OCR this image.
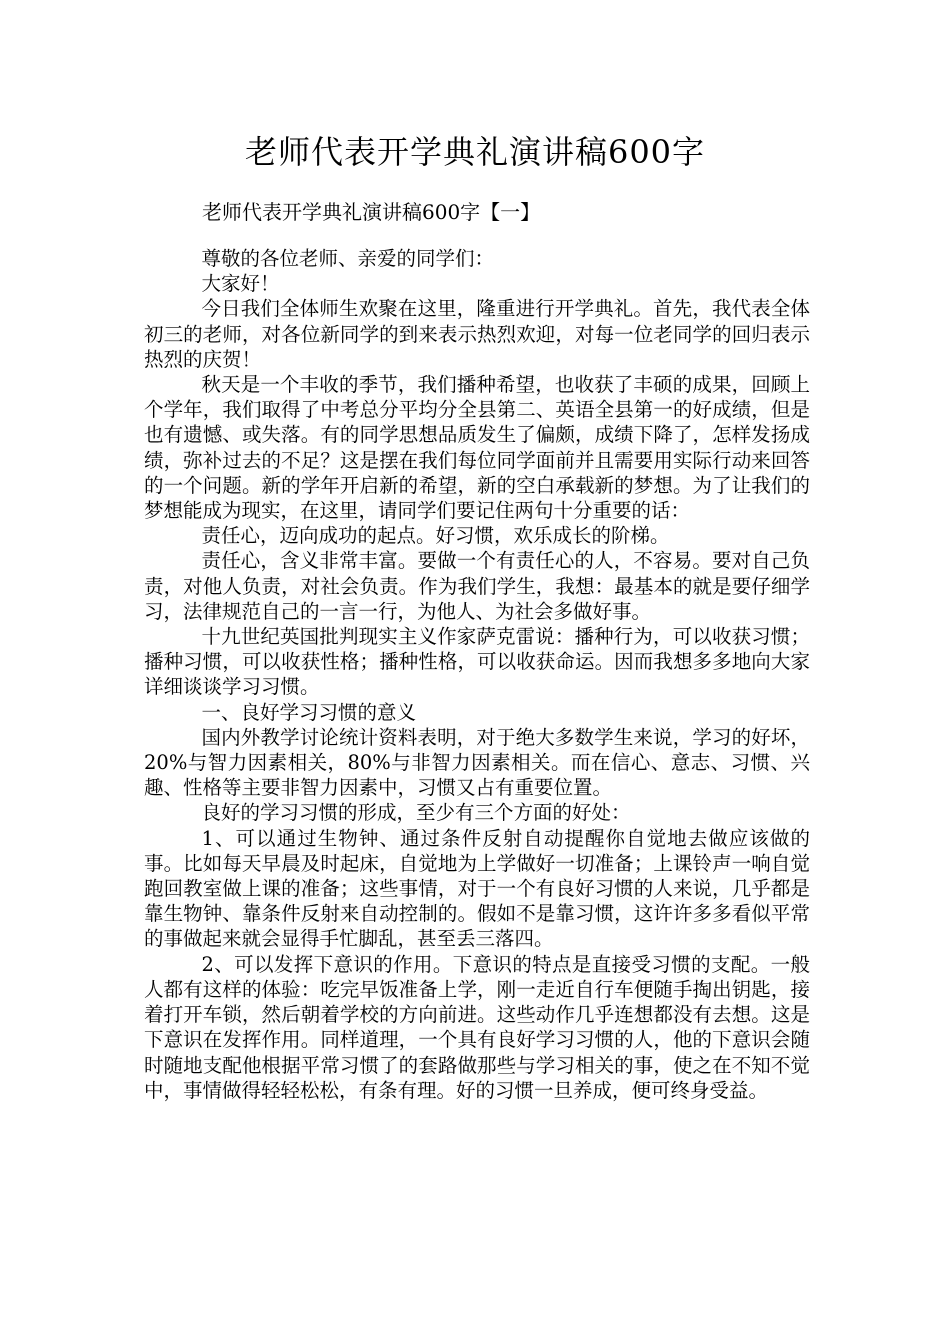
老师代表开学典礼演讲稿600字
老师代表开学典礼演讲稿600字【一】

尊敬的各位老师、亲爱的同学们：

大家好！

今日我们全体师生欢聚在这里，隆重进行开学典礼。首先，我代表全体初三的老师，对各位新同学的到来表示热烈欢迎，对每一位老同学的回归表示热烈的庆贺！

秋天是一个丰收的季节，我们播种希望，也收获了丰硕的成果，回顾上个学年，我们取得了中考总分平均分全县第二、英语全县第一的好成绩，但是也有遗憾、或失落。有的同学思想品质发生了偏颇，成绩下降了，怎样发扬成绩，弥补过去的不足？这是摆在我们每位同学面前并且需要用实际行动来回答的一个问题。新的学年开启新的希望，新的空白承载新的梦想。为了让我们的梦想能成为现实，在这里，请同学们要记住两句十分重要的话：

责任心，迈向成功的起点。好习惯，欢乐成长的阶梯。

责任心，含义非常丰富。要做一个有责任心的人，不容易。要对自己负责，对他人负责，对社会负责。作为我们学生，我想：最基本的就是要仔细学习，法律规范自己的一言一行，为他人、为社会多做好事。

十九世纪英国批判现实主义作家萨克雷说：播种行为，可以收获习惯；播种习惯，可以收获性格；播种性格，可以收获命运。因而我想多多地向大家详细谈谈学习习惯。

一、良好学习习惯的意义

国内外教学讨论统计资料表明，对于绝大多数学生来说，学习的好坏，20%与智力因素相关，80%与非智力因素相关。而在信心、意志、习惯、兴趣、性格等主要非智力因素中，习惯又占有重要位置。

良好的学习习惯的形成，至少有三个方面的好处：

1、可以通过生物钟、通过条件反射自动提醒你自觉地去做应该做的事。比如每天早晨及时起床，自觉地为上学做好一切准备；上课铃声一响自觉跑回教室做上课的准备；这些事情，对于一个有良好习惯的人来说，几乎都是靠生物钟、靠条件反射来自动控制的。假如不是靠习惯，这许许多多看似平常的事做起来就会显得手忙脚乱，甚至丢三落四。

2、可以发挥下意识的作用。下意识的特点是直接受习惯的支配。一般人都有这样的体验：吃完早饭准备上学，刚一走近自行车便随手掏出钥匙，接着打开车锁，然后朝着学校的方向前进。这些动作几乎连想都没有去想。这是下意识在发挥作用。同样道理，一个具有良好学习习惯的人，他的下意识会随时随地支配他根据平常习惯了的套路做那些与学习相关的事，使之在不知不觉中，事情做得轻轻松松，有条有理。好的习惯一旦养成，便可终身受益。
